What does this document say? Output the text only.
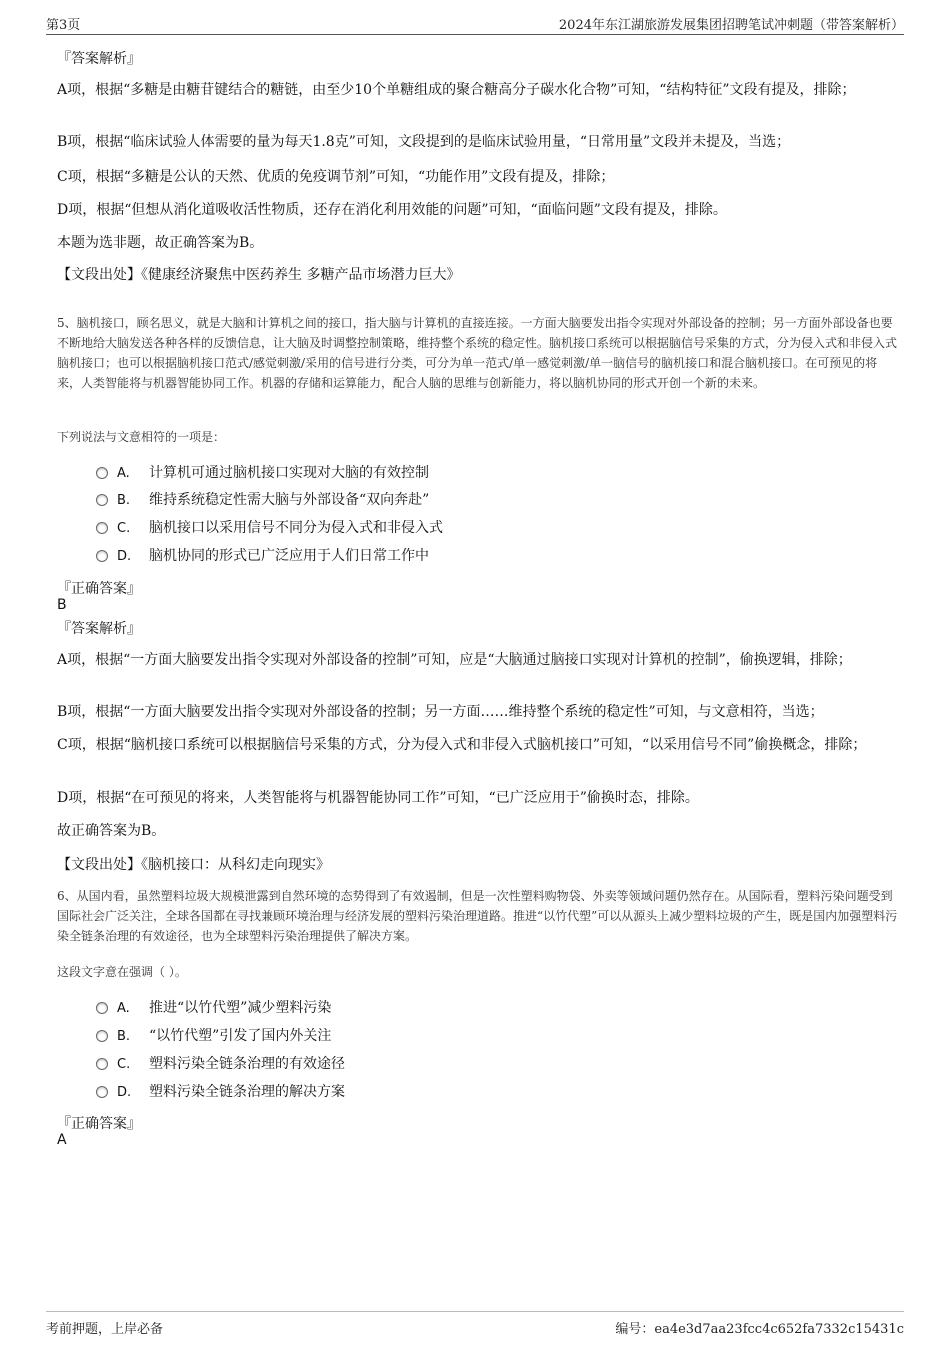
第3页	2024年东江湖旅游发展集团招聘笔试冲刺题（带答案解析）
『答案解析』
A项，根据“多糖是由糖苷键结合的糖链，由至少10个单糖组成的聚合糖高分子碳水化合物”可知，“结构特征”文段有提及，排除；
B项，根据“临床试验人体需要的量为每天1.8克”可知，文段提到的是临床试验用量，“日常用量”文段并未提及，当选；
C项，根据“多糖是公认的天然、优质的免疫调节剂”可知，“功能作用”文段有提及，排除；
D项，根据“但想从消化道吸收活性物质，还存在消化利用效能的问题”可知，“面临问题”文段有提及，排除。
本题为选非题，故正确答案为B。
【文段出处】《健康经济聚焦中医药养生 多糖产品市场潜力巨大》
5、脑机接口，顾名思义，就是大脑和计算机之间的接口，指大脑与计算机的直接连接。一方面大脑要发出指令实现对外部设备的控制；另一方面外部设备也要不断地给大脑发送各种各样的反馈信息，让大脑及时调整控制策略，维持整个系统的稳定性。脑机接口系统可以根据脑信号采集的方式，分为侵入式和非侵入式脑机接口；也可以根据脑机接口范式/感觉刺激/采用的信号进行分类，可分为单一范式/单一感觉刺激/单一脑信号的脑机接口和混合脑机接口。在可预见的将来，人类智能将与机器智能协同工作。机器的存储和运算能力，配合人脑的思维与创新能力，将以脑机协同的形式开创一个新的未来。
下列说法与文意相符的一项是：
A. 计算机可通过脑机接口实现对大脑的有效控制
B. 维持系统稳定性需大脑与外部设备“双向奔赴”
C. 脑机接口以采用信号不同分为侵入式和非侵入式
D. 脑机协同的形式已广泛应用于人们日常工作中
『正确答案』
B
『答案解析』
A项，根据“一方面大脑要发出指令实现对外部设备的控制”可知，应是“大脑通过脑接口实现对计算机的控制”，偷换逻辑，排除；
B项，根据“一方面大脑要发出指令实现对外部设备的控制；另一方面……维持整个系统的稳定性”可知，与文意相符，当选；
C项，根据“脑机接口系统可以根据脑信号采集的方式，分为侵入式和非侵入式脑机接口”可知，“以采用信号不同”偷换概念，排除；
D项，根据“在可预见的将来，人类智能将与机器智能协同工作”可知，“已广泛应用于”偷换时态，排除。
故正确答案为B。
【文段出处】《脑机接口：从科幻走向现实》
6、从国内看，虽然塑料垃圾大规模泄露到自然环境的态势得到了有效遏制，但是一次性塑料购物袋、外卖等领域问题仍然存在。从国际看，塑料污染问题受到国际社会广泛关注，全球各国都在寻找兼顾环境治理与经济发展的塑料污染治理道路。推进“以竹代塑”可以从源头上减少塑料垃圾的产生，既是国内加强塑料污染全链条治理的有效途径，也为全球塑料污染治理提供了解决方案。
这段文字意在强调（ ）。
A. 推进“以竹代塑”减少塑料污染
B. “以竹代塑”引发了国内外关注
C. 塑料污染全链条治理的有效途径
D. 塑料污染全链条治理的解决方案
『正确答案』
A
考前押题，上岸必备	编号：ea4e3d7aa23fcc4c652fa7332c15431c
